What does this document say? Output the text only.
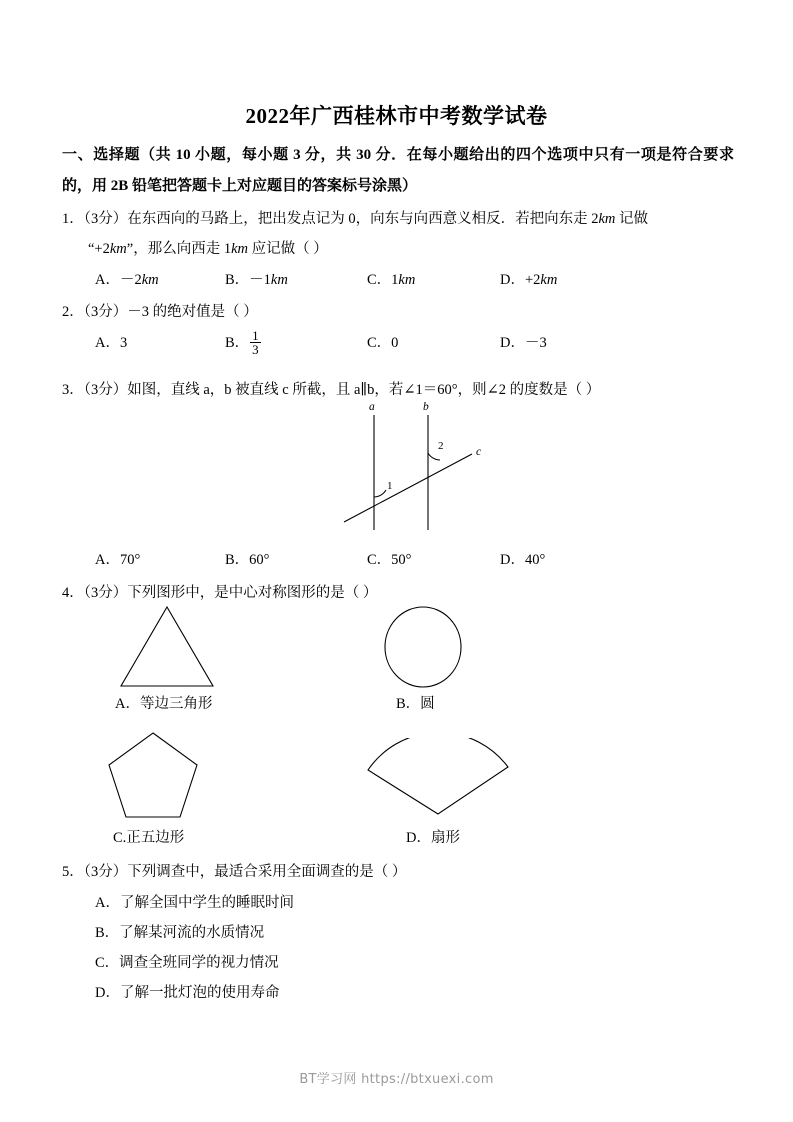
2022年广西桂林市中考数学试卷
一、选择题（共 10 小题，每小题 3 分，共 30 分．在每小题给出的四个选项中只有一项是符合要求的，用 2B 铅笔把答题卡上对应题目的答案标号涂黑）
1．（3分）在东西向的马路上，把出发点记为 0，向东与向西意义相反．若把向东走 2km 记做
“+2km”，那么向西走 1km 应记做（ ）
A．－2km	B．－1km	C．1km	D．+2km
2．（3分）－3 的绝对值是（ ）
A．3	B． $\frac{1}{3}$	C．0	D．－3
3．（3分）如图，直线 a，b 被直线 c 所截，且 a∥b，若∠1＝60°，则∠2 的度数是（ ）
a	b
c
1
2
A．70°	B．60°	C．50°	D．40°
4．（3分）下列图形中，是中心对称图形的是（ ）
A．等边三角形	B．圆
C.正五边形	D．扇形
5．（3分）下列调查中，最适合采用全面调查的是（ ）
A．了解全国中学生的睡眠时间
B．了解某河流的水质情况
C．调查全班同学的视力情况
D．了解一批灯泡的使用寿命
BT学习网 https://btxuexi.com
